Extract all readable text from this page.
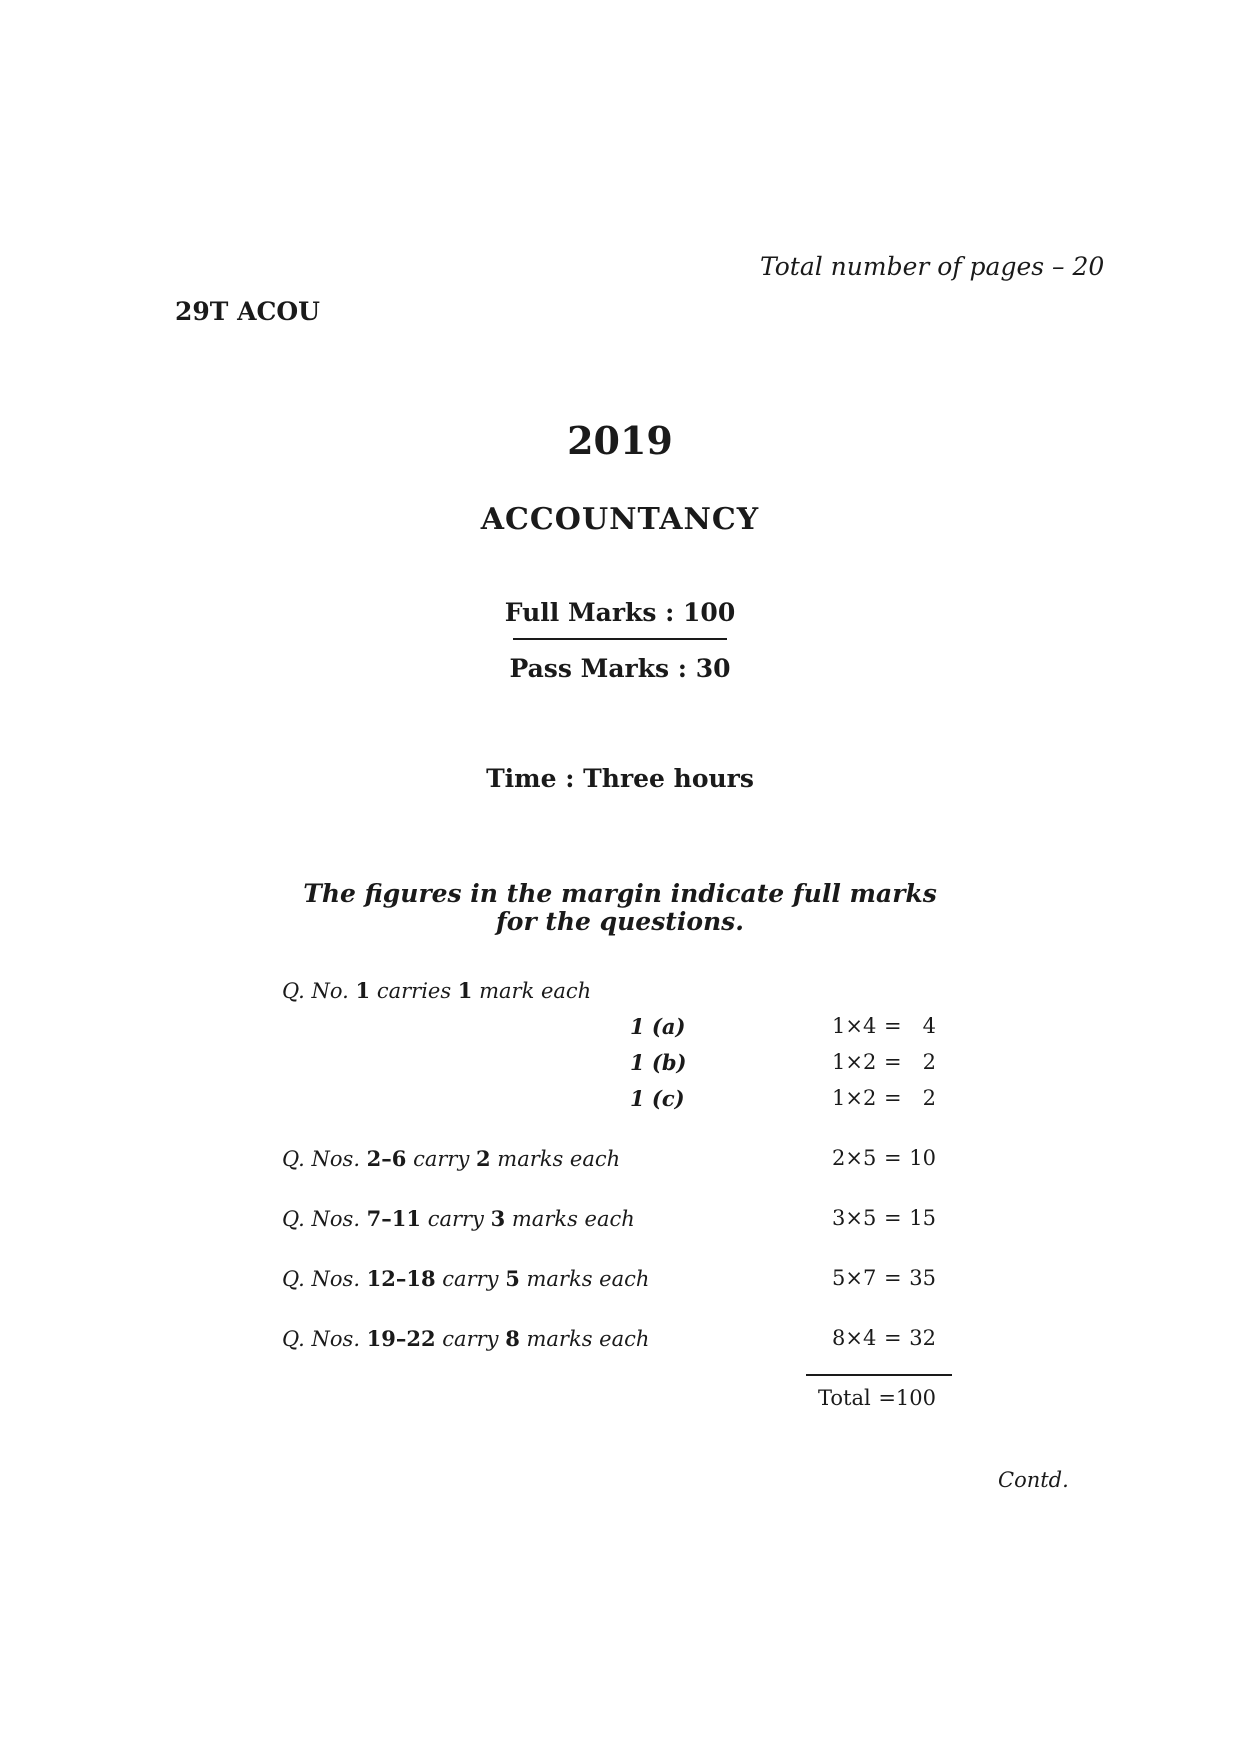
Total number of pages – 20
29T ACOU
2019
ACCOUNTANCY
Full Marks : 100
Pass Marks : 30
Time : Three hours
The figures in the margin indicate full marks
for the questions.
Q. No. 1 carries 1 mark each
1 (a)	1×4 = 4
1 (b)	1×2 = 2
1 (c)	1×2 = 2
Q. Nos. 2–6 carry 2 marks each	2×5 = 10
Q. Nos. 7–11 carry 3 marks each	3×5 = 15
Q. Nos. 12–18 carry 5 marks each	5×7 = 35
Q. Nos. 19–22 carry 8 marks each	8×4 = 32
Total =100
Contd.
